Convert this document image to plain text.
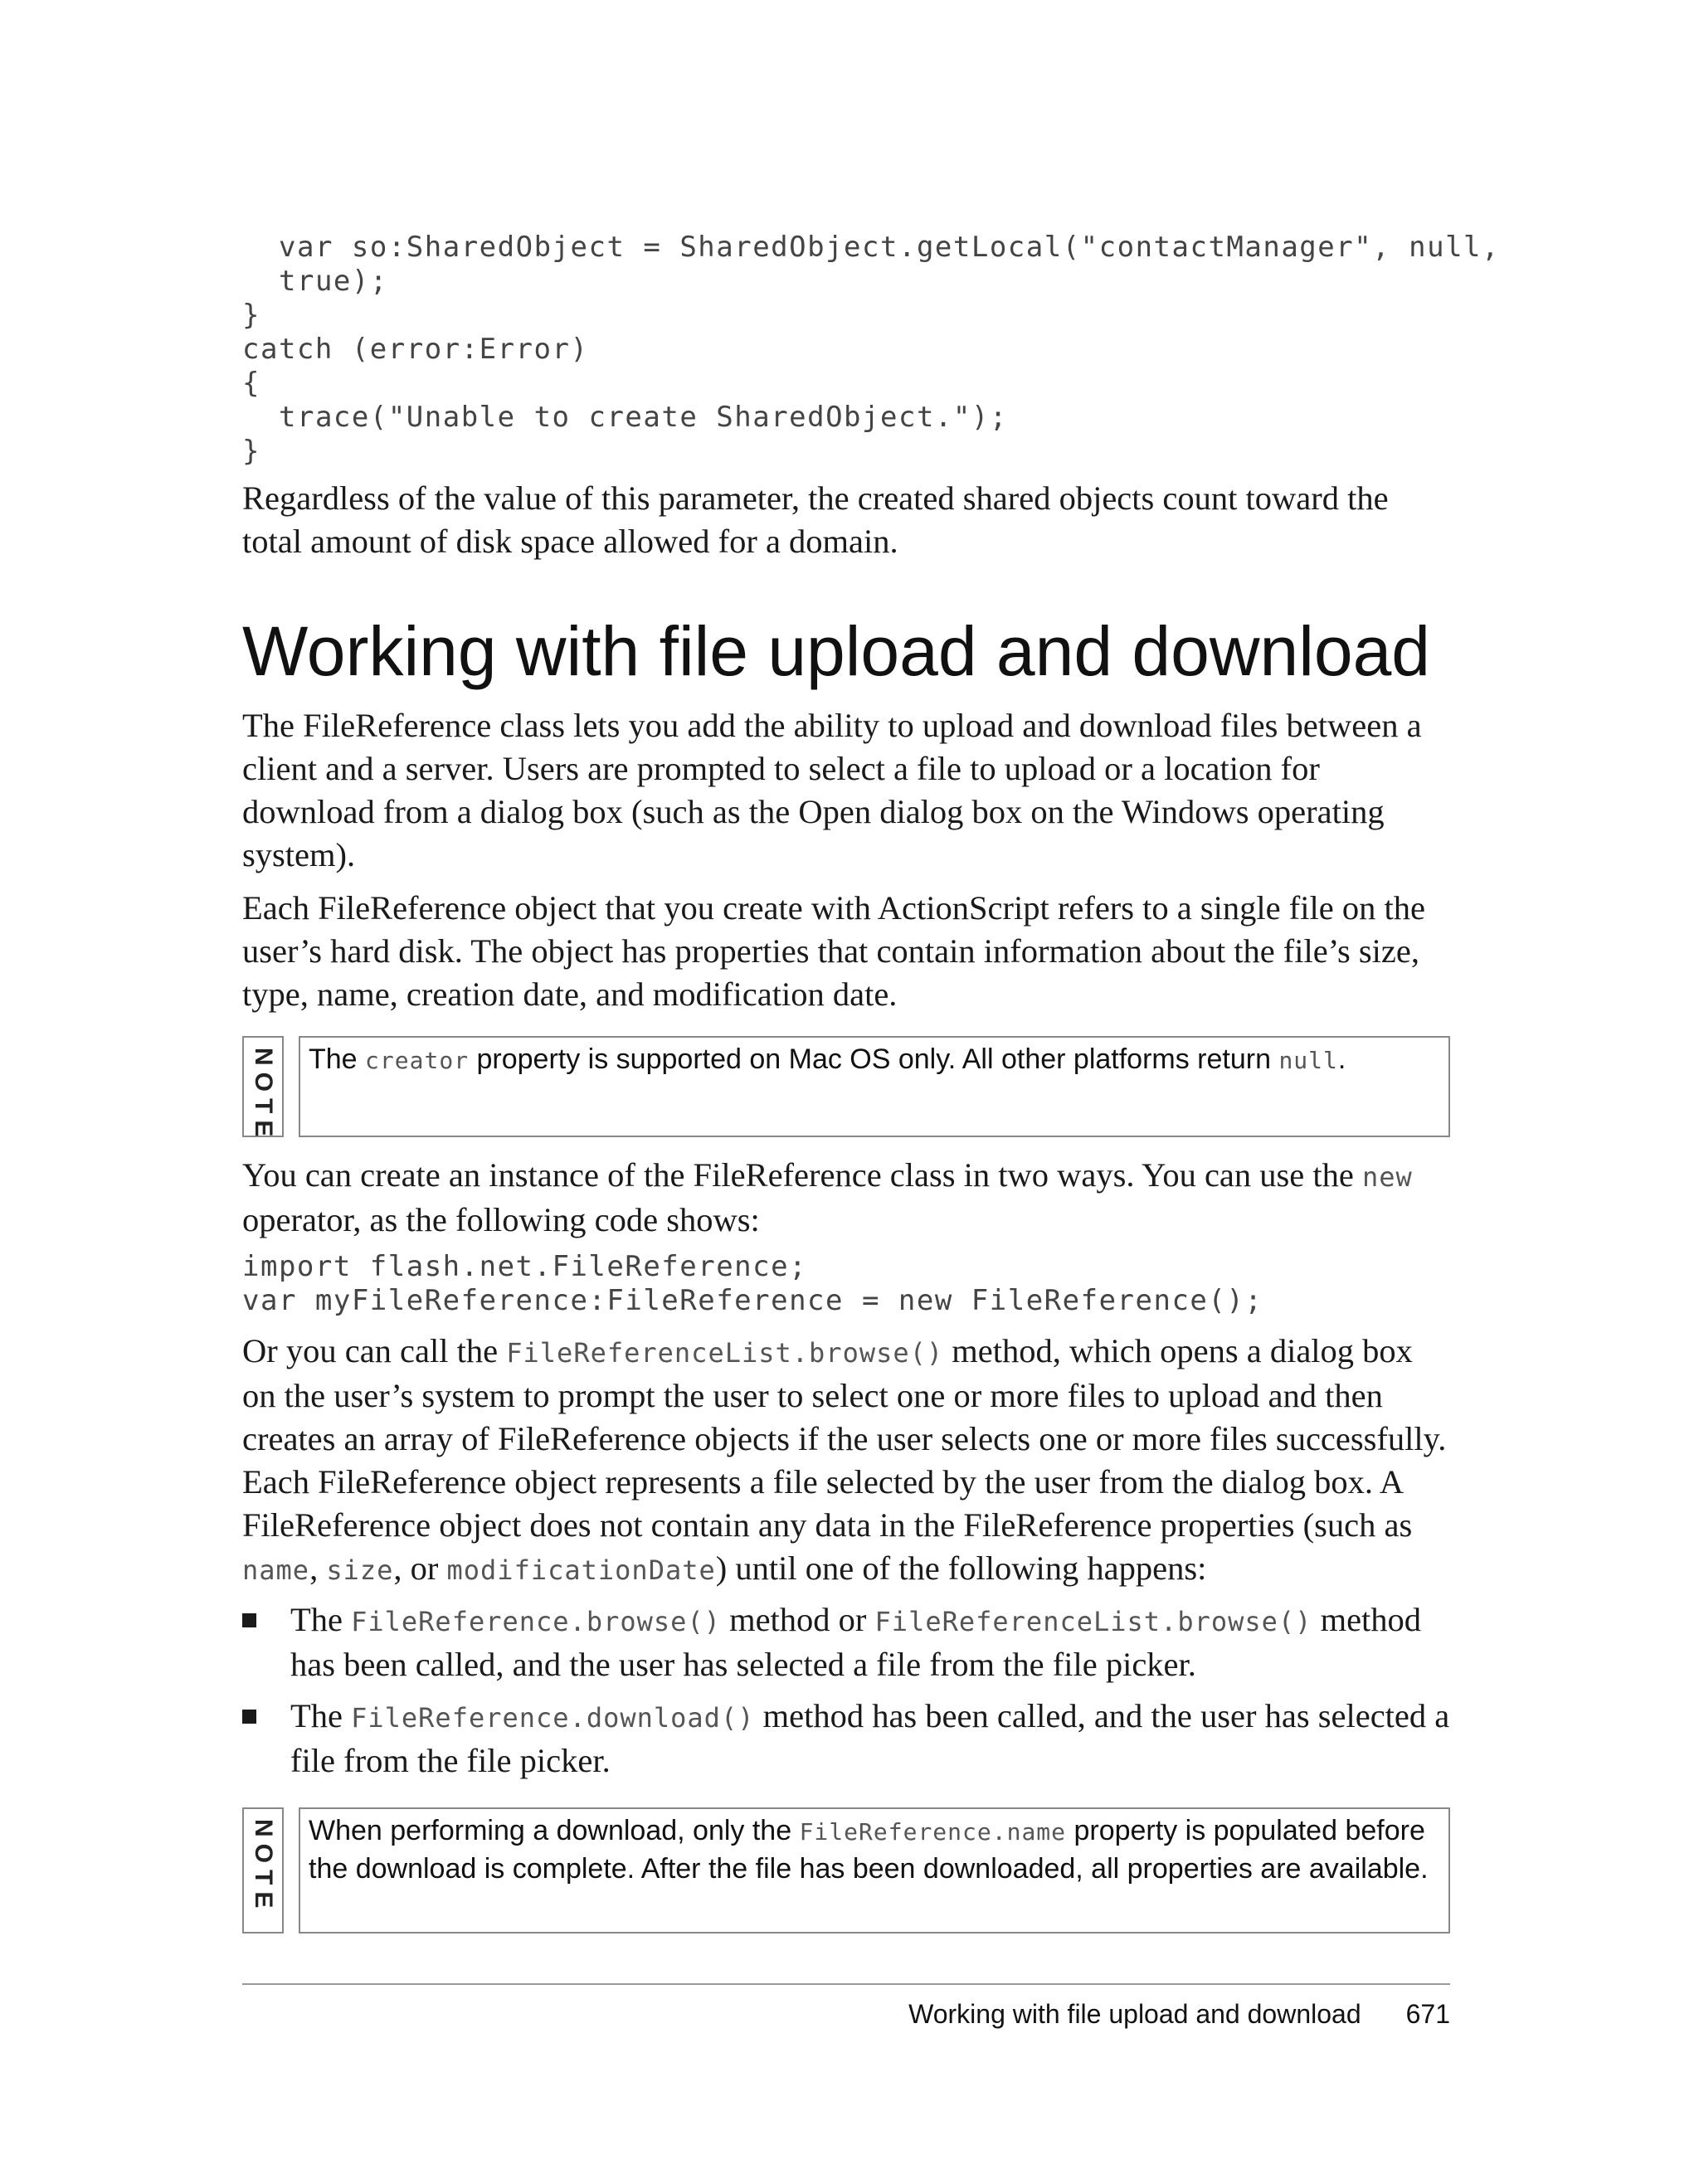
var so:SharedObject = SharedObject.getLocal("contactManager", null,
true);
}
catch (error:Error)
{
trace("Unable to create SharedObject.");
}

Regardless of the value of this parameter, the created shared objects count toward the total amount of disk space allowed for a domain.

Working with file upload and download

The FileReference class lets you add the ability to upload and download files between a client and a server. Users are prompted to select a file to upload or a location for download from a dialog box (such as the Open dialog box on the Windows operating system).

Each FileReference object that you create with ActionScript refers to a single file on the user’s hard disk. The object has properties that contain information about the file’s size, type, name, creation date, and modification date.

NOTE	The creator property is supported on Mac OS only. All other platforms return null.

You can create an instance of the FileReference class in two ways. You can use the new operator, as the following code shows:

import flash.net.FileReference;
var myFileReference:FileReference = new FileReference();

Or you can call the FileReferenceList.browse() method, which opens a dialog box on the user’s system to prompt the user to select one or more files to upload and then creates an array of FileReference objects if the user selects one or more files successfully. Each FileReference object represents a file selected by the user from the dialog box. A FileReference object does not contain any data in the FileReference properties (such as name, size, or modificationDate) until one of the following happens:

The FileReference.browse() method or FileReferenceList.browse() method has been called, and the user has selected a file from the file picker.
The FileReference.download() method has been called, and the user has selected a file from the file picker.
NOTE	When performing a download, only the FileReference.name property is populated before the download is complete. After the file has been downloaded, all properties are available.
Working with file upload and download 671
